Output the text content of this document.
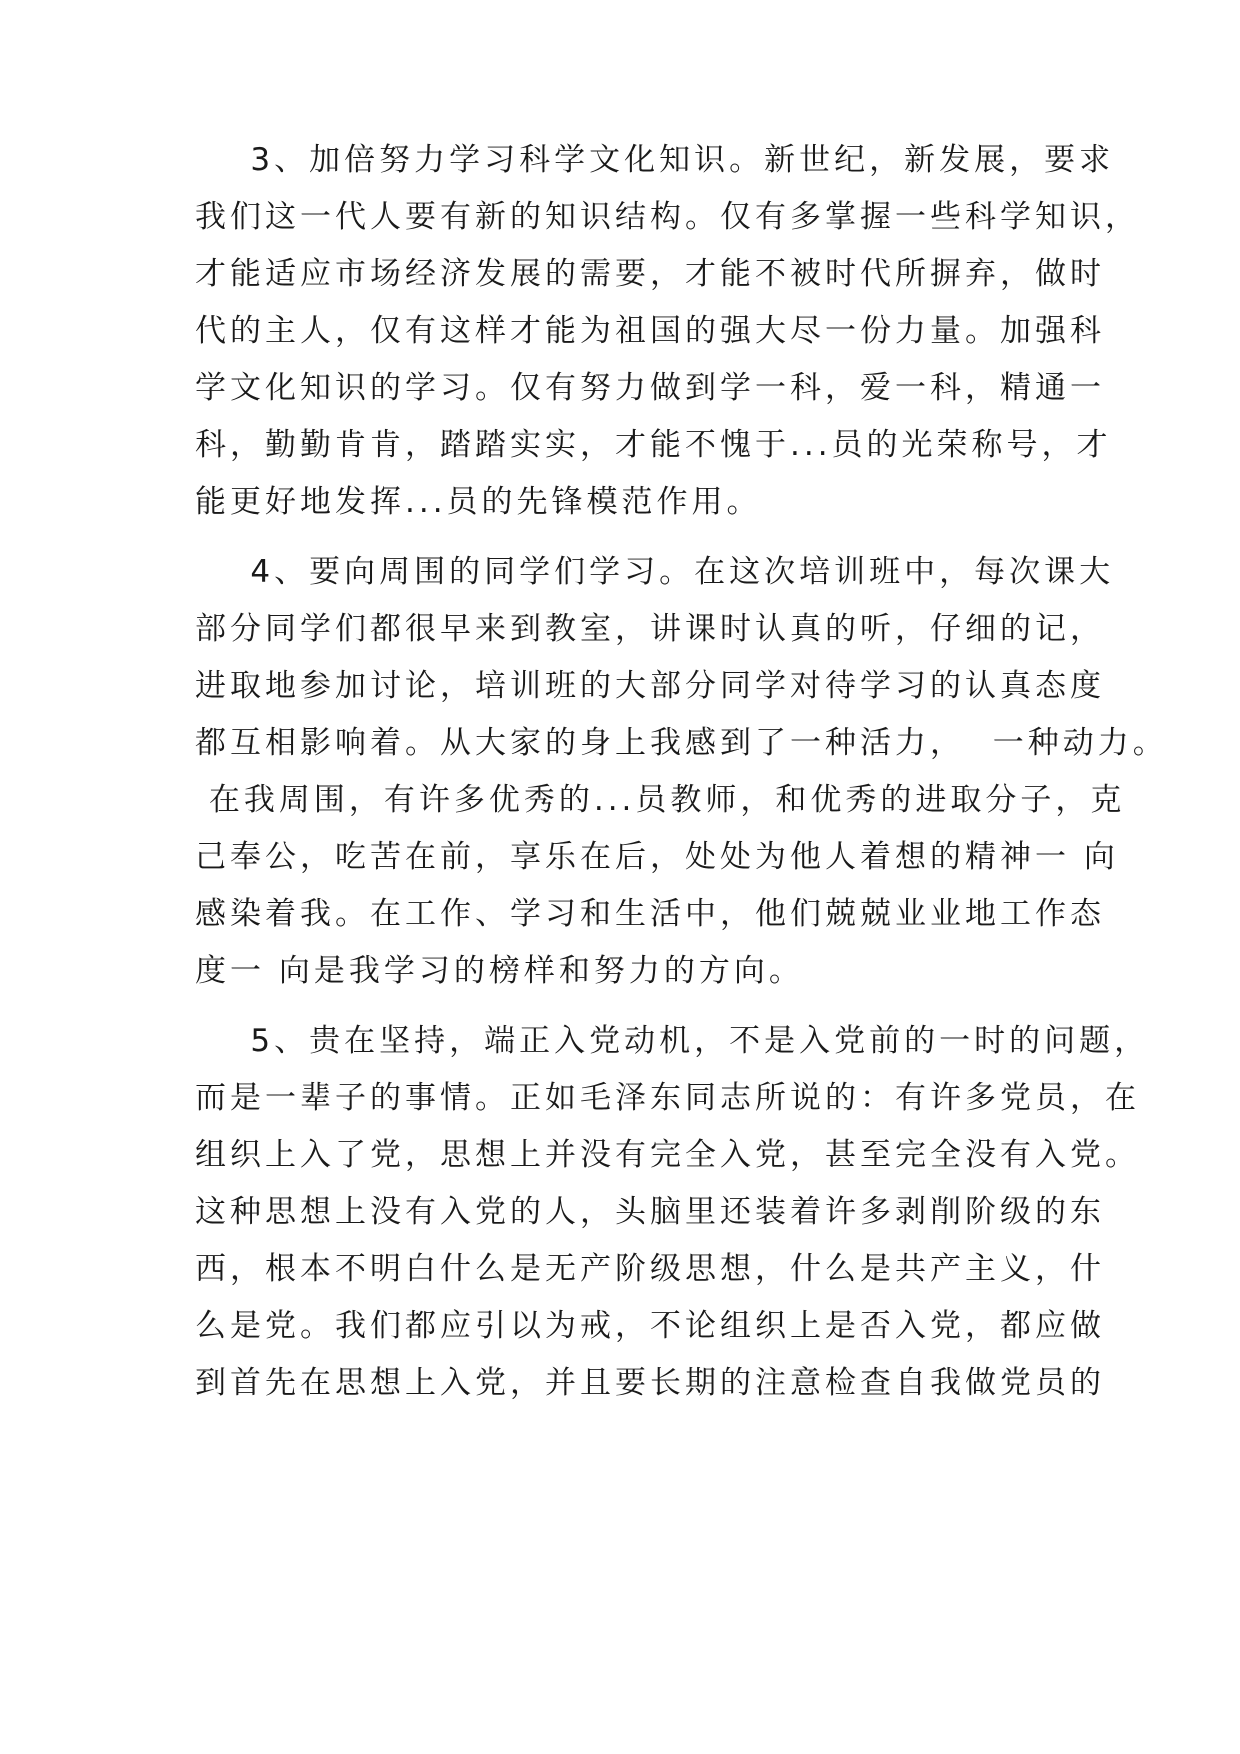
3、加倍努力学习科学文化知识。新世纪，新发展，要求
我们这一代人要有新的知识结构。仅有多掌握一些科学知识，
才能适应市场经济发展的需要，才能不被时代所摒弃，做时
代的主人，仅有这样才能为祖国的强大尽一份力量。加强科
学文化知识的学习。仅有努力做到学一科，爱一科，精通一
科，勤勤肯肯，踏踏实实，才能不愧于...员的光荣称号，才
能更好地发挥...员的先锋模范作用。
4、要向周围的同学们学习。在这次培训班中，每次课大
部分同学们都很早来到教室，讲课时认真的听，仔细的记，
进取地参加讨论，培训班的大部分同学对待学习的认真态度
都互相影响着。从大家的身上我感到了一种活力，  一种动力。
在我周围，有许多优秀的...员教师，和优秀的进取分子，克
己奉公，吃苦在前，享乐在后，处处为他人着想的精神一 向
感染着我。在工作、学习和生活中，他们兢兢业业地工作态
度一 向是我学习的榜样和努力的方向。
5、贵在坚持，端正入党动机，不是入党前的一时的问题，
而是一辈子的事情。正如毛泽东同志所说的：有许多党员，在
组织上入了党，思想上并没有完全入党，甚至完全没有入党。
这种思想上没有入党的人，头脑里还装着许多剥削阶级的东
西，根本不明白什么是无产阶级思想，什么是共产主义，什
么是党。我们都应引以为戒，不论组织上是否入党，都应做
到首先在思想上入党，并且要长期的注意检查自我做党员的
